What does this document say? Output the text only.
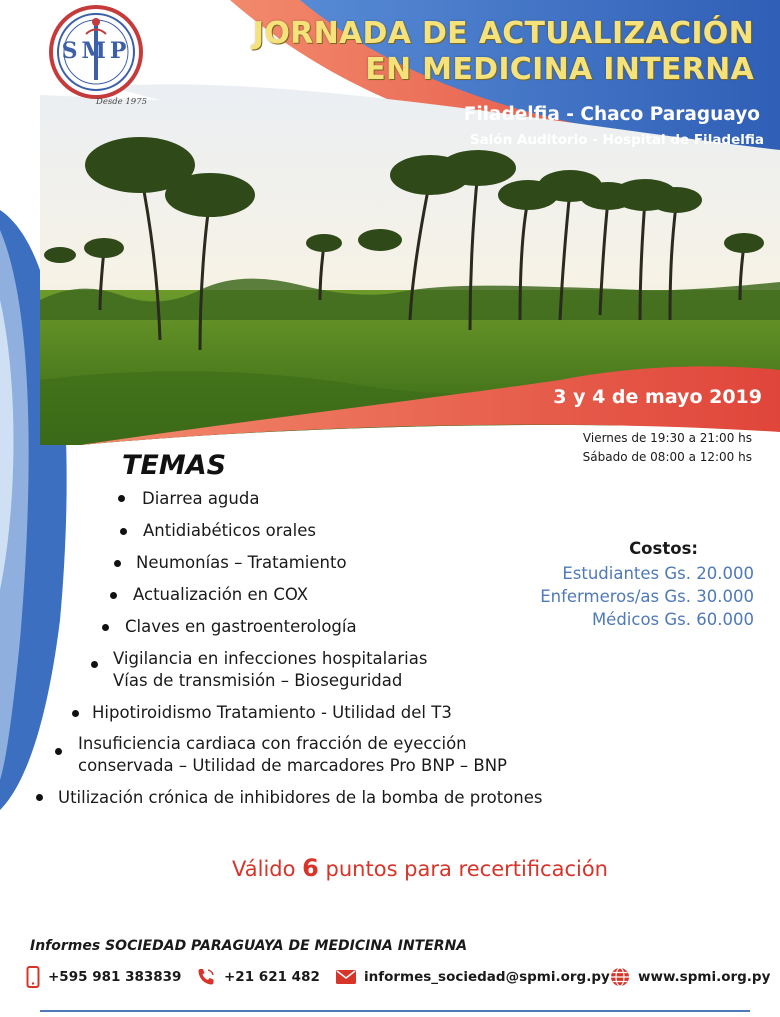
SMP
Desde 1975
JORNADA DE ACTUALIZACIÓN
EN MEDICINA INTERNA
Filadelfia - Chaco Paraguayo
Salón Auditorio - Hospital de Filadelfia
3 y 4 de mayo 2019
Viernes de 19:30 a 21:00 hs
Sábado de 08:00 a 12:00 hs
TEMAS
Diarrea aguda
Antidiabéticos orales
Neumonías – Tratamiento
Actualización en COX
Claves en gastroenterología
Vigilancia en infecciones hospitalarias
Vías de transmisión – Bioseguridad
Hipotiroidismo Tratamiento - Utilidad del T3
Insuficiencia cardiaca con fracción de eyección
conservada – Utilidad de marcadores Pro BNP – BNP
Utilización crónica de inhibidores de la bomba de protones
Costos:
Estudiantes Gs. 20.000
Enfermeros/as Gs. 30.000
Médicos Gs. 60.000
Válido 6 puntos para recertificación
Informes SOCIEDAD PARAGUAYA DE MEDICINA INTERNA
+595 981 383839	+21 621 482	informes_sociedad@spmi.org.py www.spmi.org.py
